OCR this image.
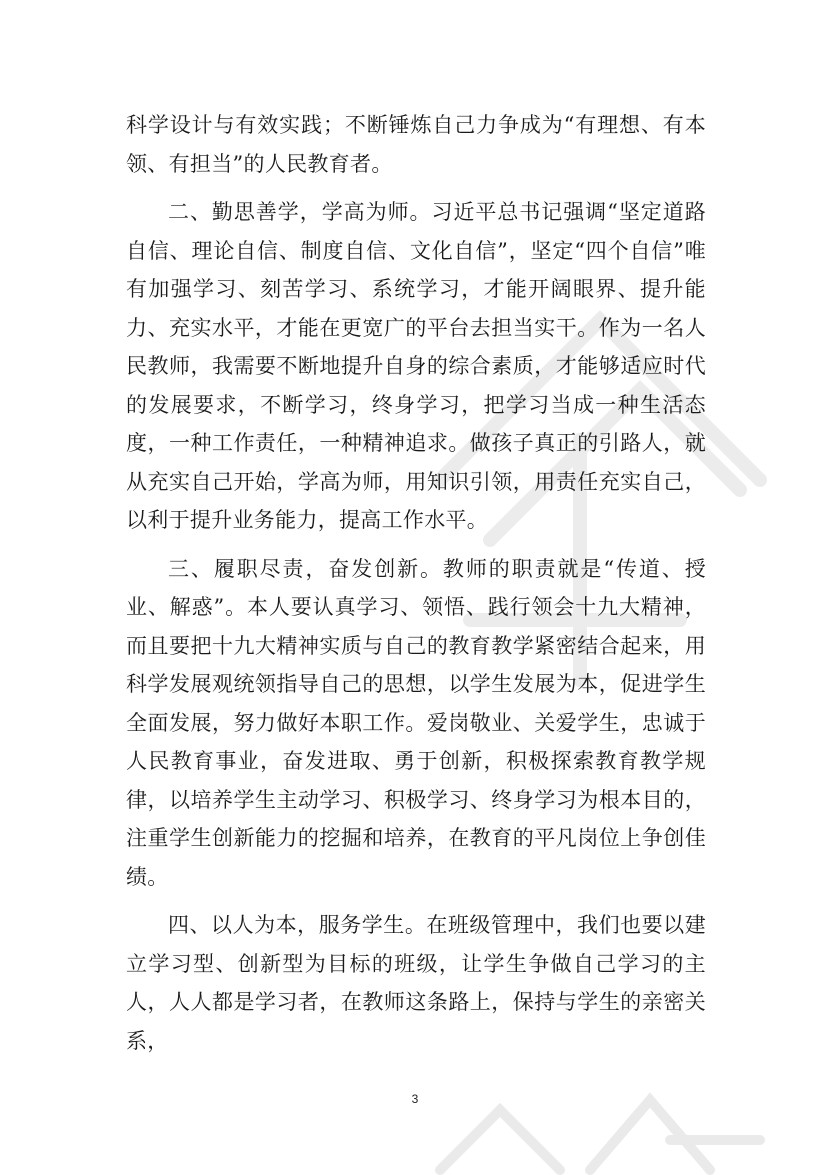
科学设计与有效实践；不断锤炼自己力争成为“有理想、有本领、有担当”的人民教育者。

二、勤思善学，学高为师。习近平总书记强调“坚定道路自信、理论自信、制度自信、文化自信”，坚定“四个自信”唯有加强学习、刻苦学习、系统学习，才能开阔眼界、提升能力、充实水平，才能在更宽广的平台去担当实干。作为一名人民教师，我需要不断地提升自身的综合素质，才能够适应时代的发展要求，不断学习，终身学习，把学习当成一种生活态度，一种工作责任，一种精神追求。做孩子真正的引路人，就从充实自己开始，学高为师，用知识引领，用责任充实自己，以利于提升业务能力，提高工作水平。

三、履职尽责，奋发创新。教师的职责就是“传道、授业、解惑”。本人要认真学习、领悟、践行领会十九大精神，而且要把十九大精神实质与自己的教育教学紧密结合起来，用科学发展观统领指导自己的思想，以学生发展为本，促进学生全面发展，努力做好本职工作。爱岗敬业、关爱学生，忠诚于人民教育事业，奋发进取、勇于创新，积极探索教育教学规律，以培养学生主动学习、积极学习、终身学习为根本目的，注重学生创新能力的挖掘和培养，在教育的平凡岗位上争创佳绩。

四、以人为本，服务学生。在班级管理中，我们也要以建立学习型、创新型为目标的班级，让学生争做自己学习的主人，人人都是学习者，在教师这条路上，保持与学生的亲密关系，

3
